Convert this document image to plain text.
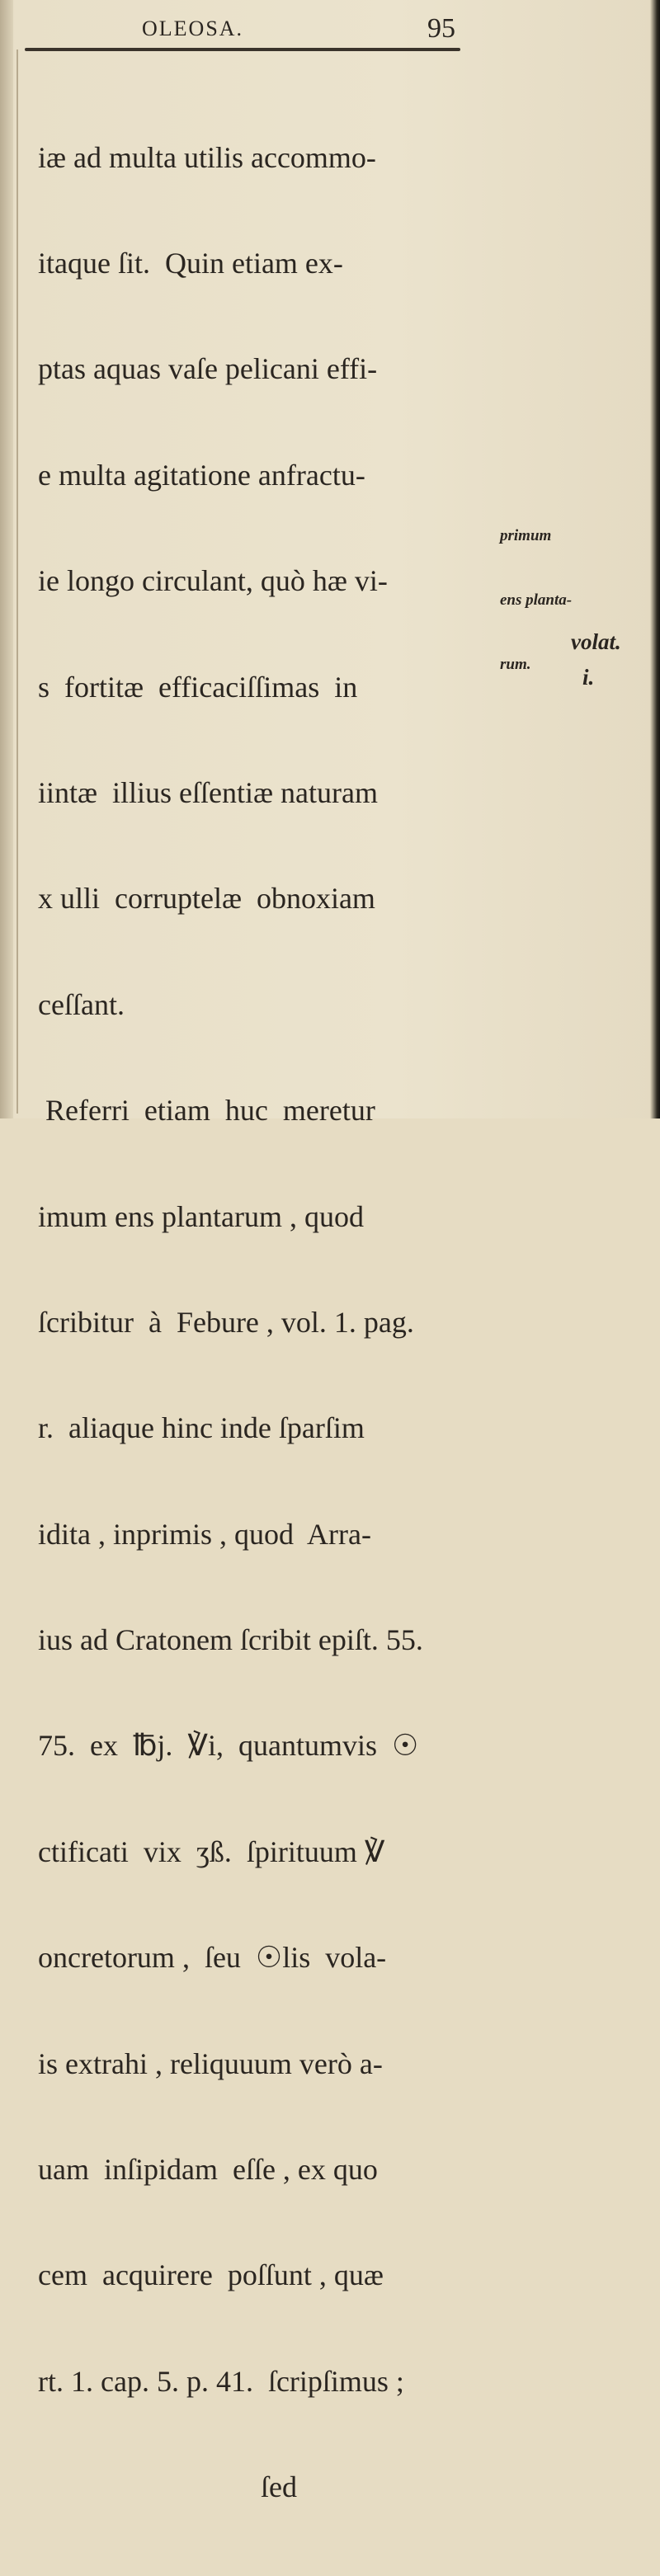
OLEOSA.	95

iæ ad multa utilis accommo-

itaque ſit.  Quin etiam ex-

ptas aquas vaſe pelicani effi-

e multa agitatione anfractu-

ie longo circulant, quò hæ vi-

s  fortitæ  efficaciſſimas  in

iintæ  illius eſſentiæ naturam

x ulli  corruptelæ  obnoxiam

ceſſant.

Referri  etiam  huc  meretur

imum ens plantarum , quod

ſcribitur  à  Febure , vol. 1. pag.

r.  aliaque hinc inde ſparſim

idita , inprimis , quod  Arra-

ius ad Cratonem ſcribit epiſt. 55.

75.  ex  ℔j.  ℣i,  quantumvis  ☉

ctificati  vix  ʒß.  ſpirituum ℣

oncretorum ,  ſeu  ☉lis  vola-

is extrahi , reliquuum verò a-

uam  inſipidam  eſſe , ex quo

cem  acquirere  poſſunt , quæ

rt. 1. cap. 5. p. 41.  ſcripſimus ;

ſed

primum

ens planta-

rum.

volat.
i.
